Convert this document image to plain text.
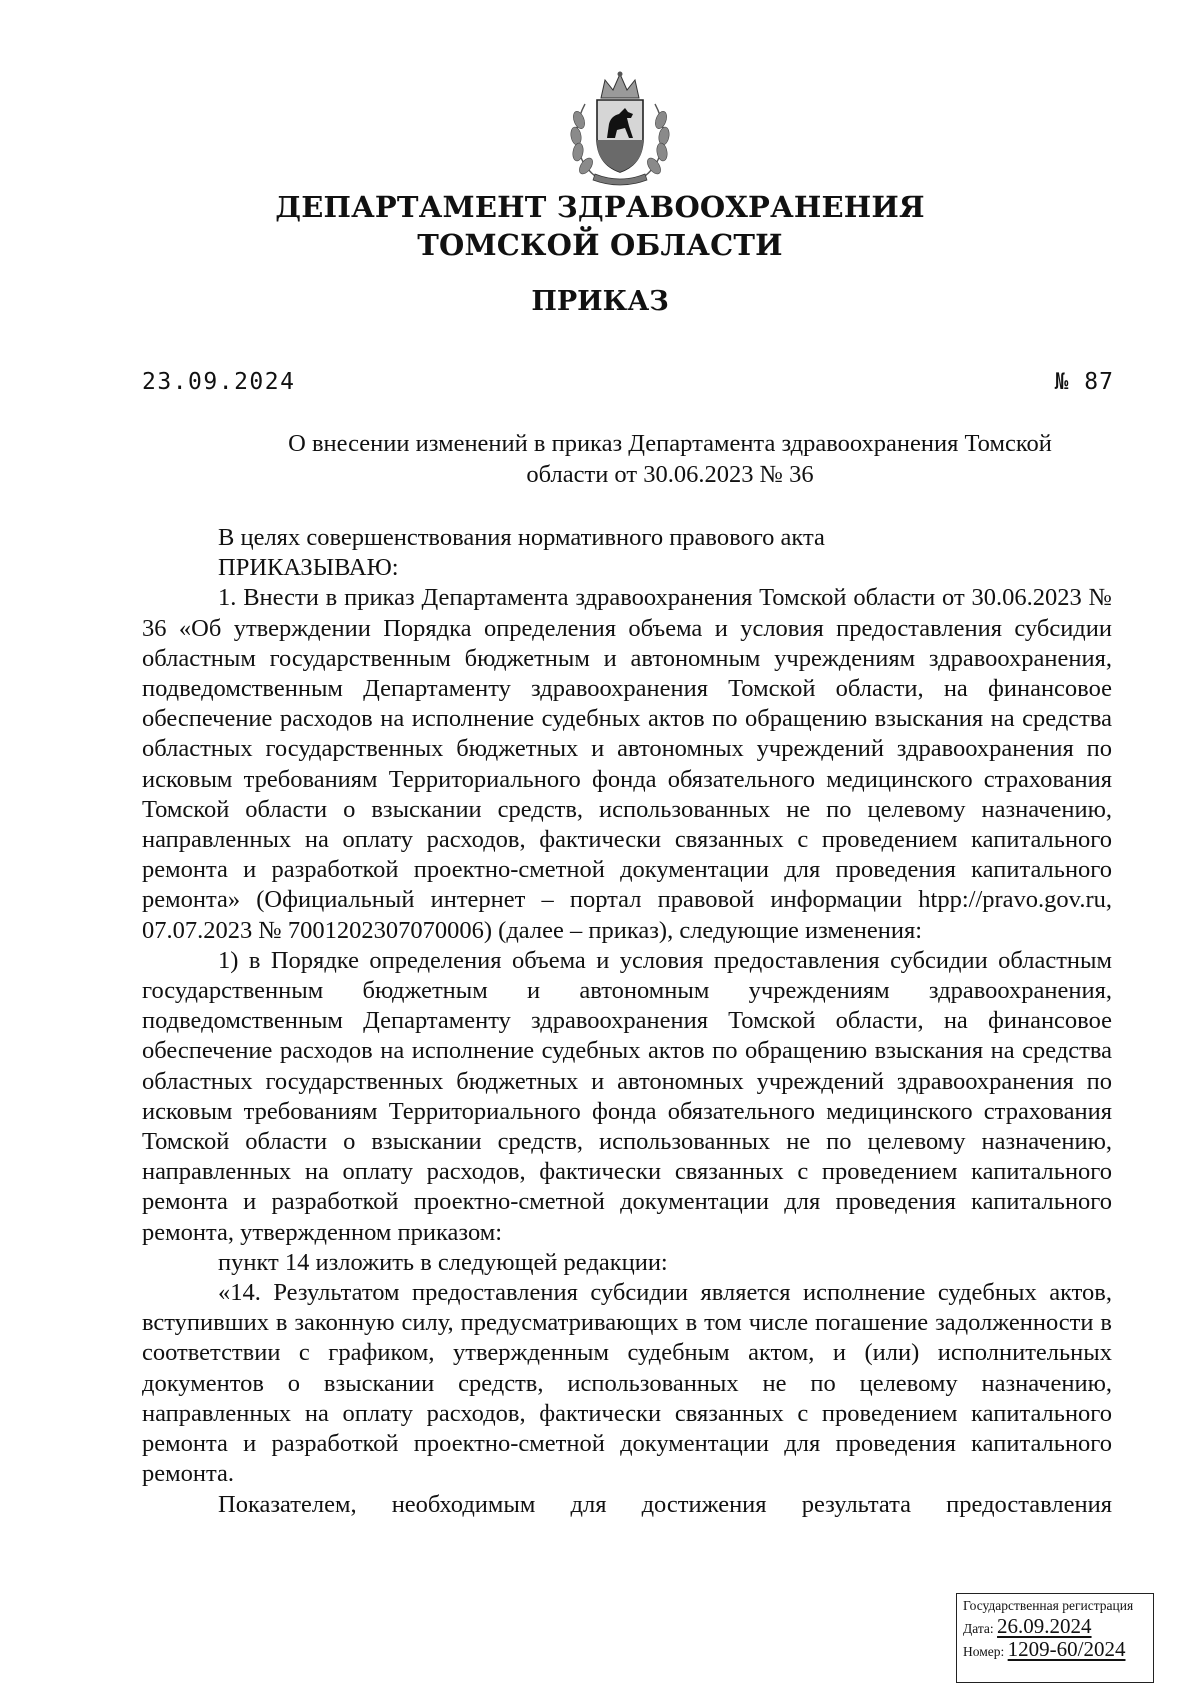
ДЕПАРТАМЕНТ ЗДРАВООХРАНЕНИЯ
ТОМСКОЙ ОБЛАСТИ
ПРИКАЗ
23.09.2024	№ 87
О внесении изменений в приказ Департамента здравоохранения Томской
области от 30.06.2023 № 36

В целях совершенствования нормативного правового акта

ПРИКАЗЫВАЮ:

1. Внести в приказ Департамента здравоохранения Томской области от 30.06.2023 № 36 «Об утверждении Порядка определения объема и условия предоставления субсидии областным государственным бюджетным и автономным учреждениям здравоохранения, подведомственным Департаменту здравоохранения Томской области, на финансовое обеспечение расходов на исполнение судебных актов по обращению взыскания на средства областных государственных бюджетных и автономных учреждений здравоохранения по исковым требованиям Территориального фонда обязательного медицинского страхования Томской области о взыскании средств, использованных не по целевому назначению, направленных на оплату расходов, фактически связанных с проведением капитального ремонта и разработкой проектно-сметной документации для проведения капитального ремонта» (Официальный интернет – портал правовой информации htpp://pravo.gov.ru, 07.07.2023 № 7001202307070006) (далее – приказ), следующие изменения:

1) в Порядке определения объема и условия предоставления субсидии областным государственным бюджетным и автономным учреждениям здравоохранения, подведомственным Департаменту здравоохранения Томской области, на финансовое обеспечение расходов на исполнение судебных актов по обращению взыскания на средства областных государственных бюджетных и автономных учреждений здравоохранения по исковым требованиям Территориального фонда обязательного медицинского страхования Томской области о взыскании средств, использованных не по целевому назначению, направленных на оплату расходов, фактически связанных с проведением капитального ремонта и разработкой проектно-сметной документации для проведения капитального ремонта, утвержденном приказом:

пункт 14 изложить в следующей редакции:

«14. Результатом предоставления субсидии является исполнение судебных актов, вступивших в законную силу, предусматривающих в том числе погашение задолженности в соответствии с графиком, утвержденным судебным актом, и (или) исполнительных документов о взыскании средств, использованных не по целевому назначению, направленных на оплату расходов, фактически связанных с проведением капитального ремонта и разработкой проектно-сметной документации для проведения капитального ремонта.

Показателем, необходимым для достижения результата предоставления

Государственная регистрация
Дата: 26.09.2024
Номер: 1209-60/2024
